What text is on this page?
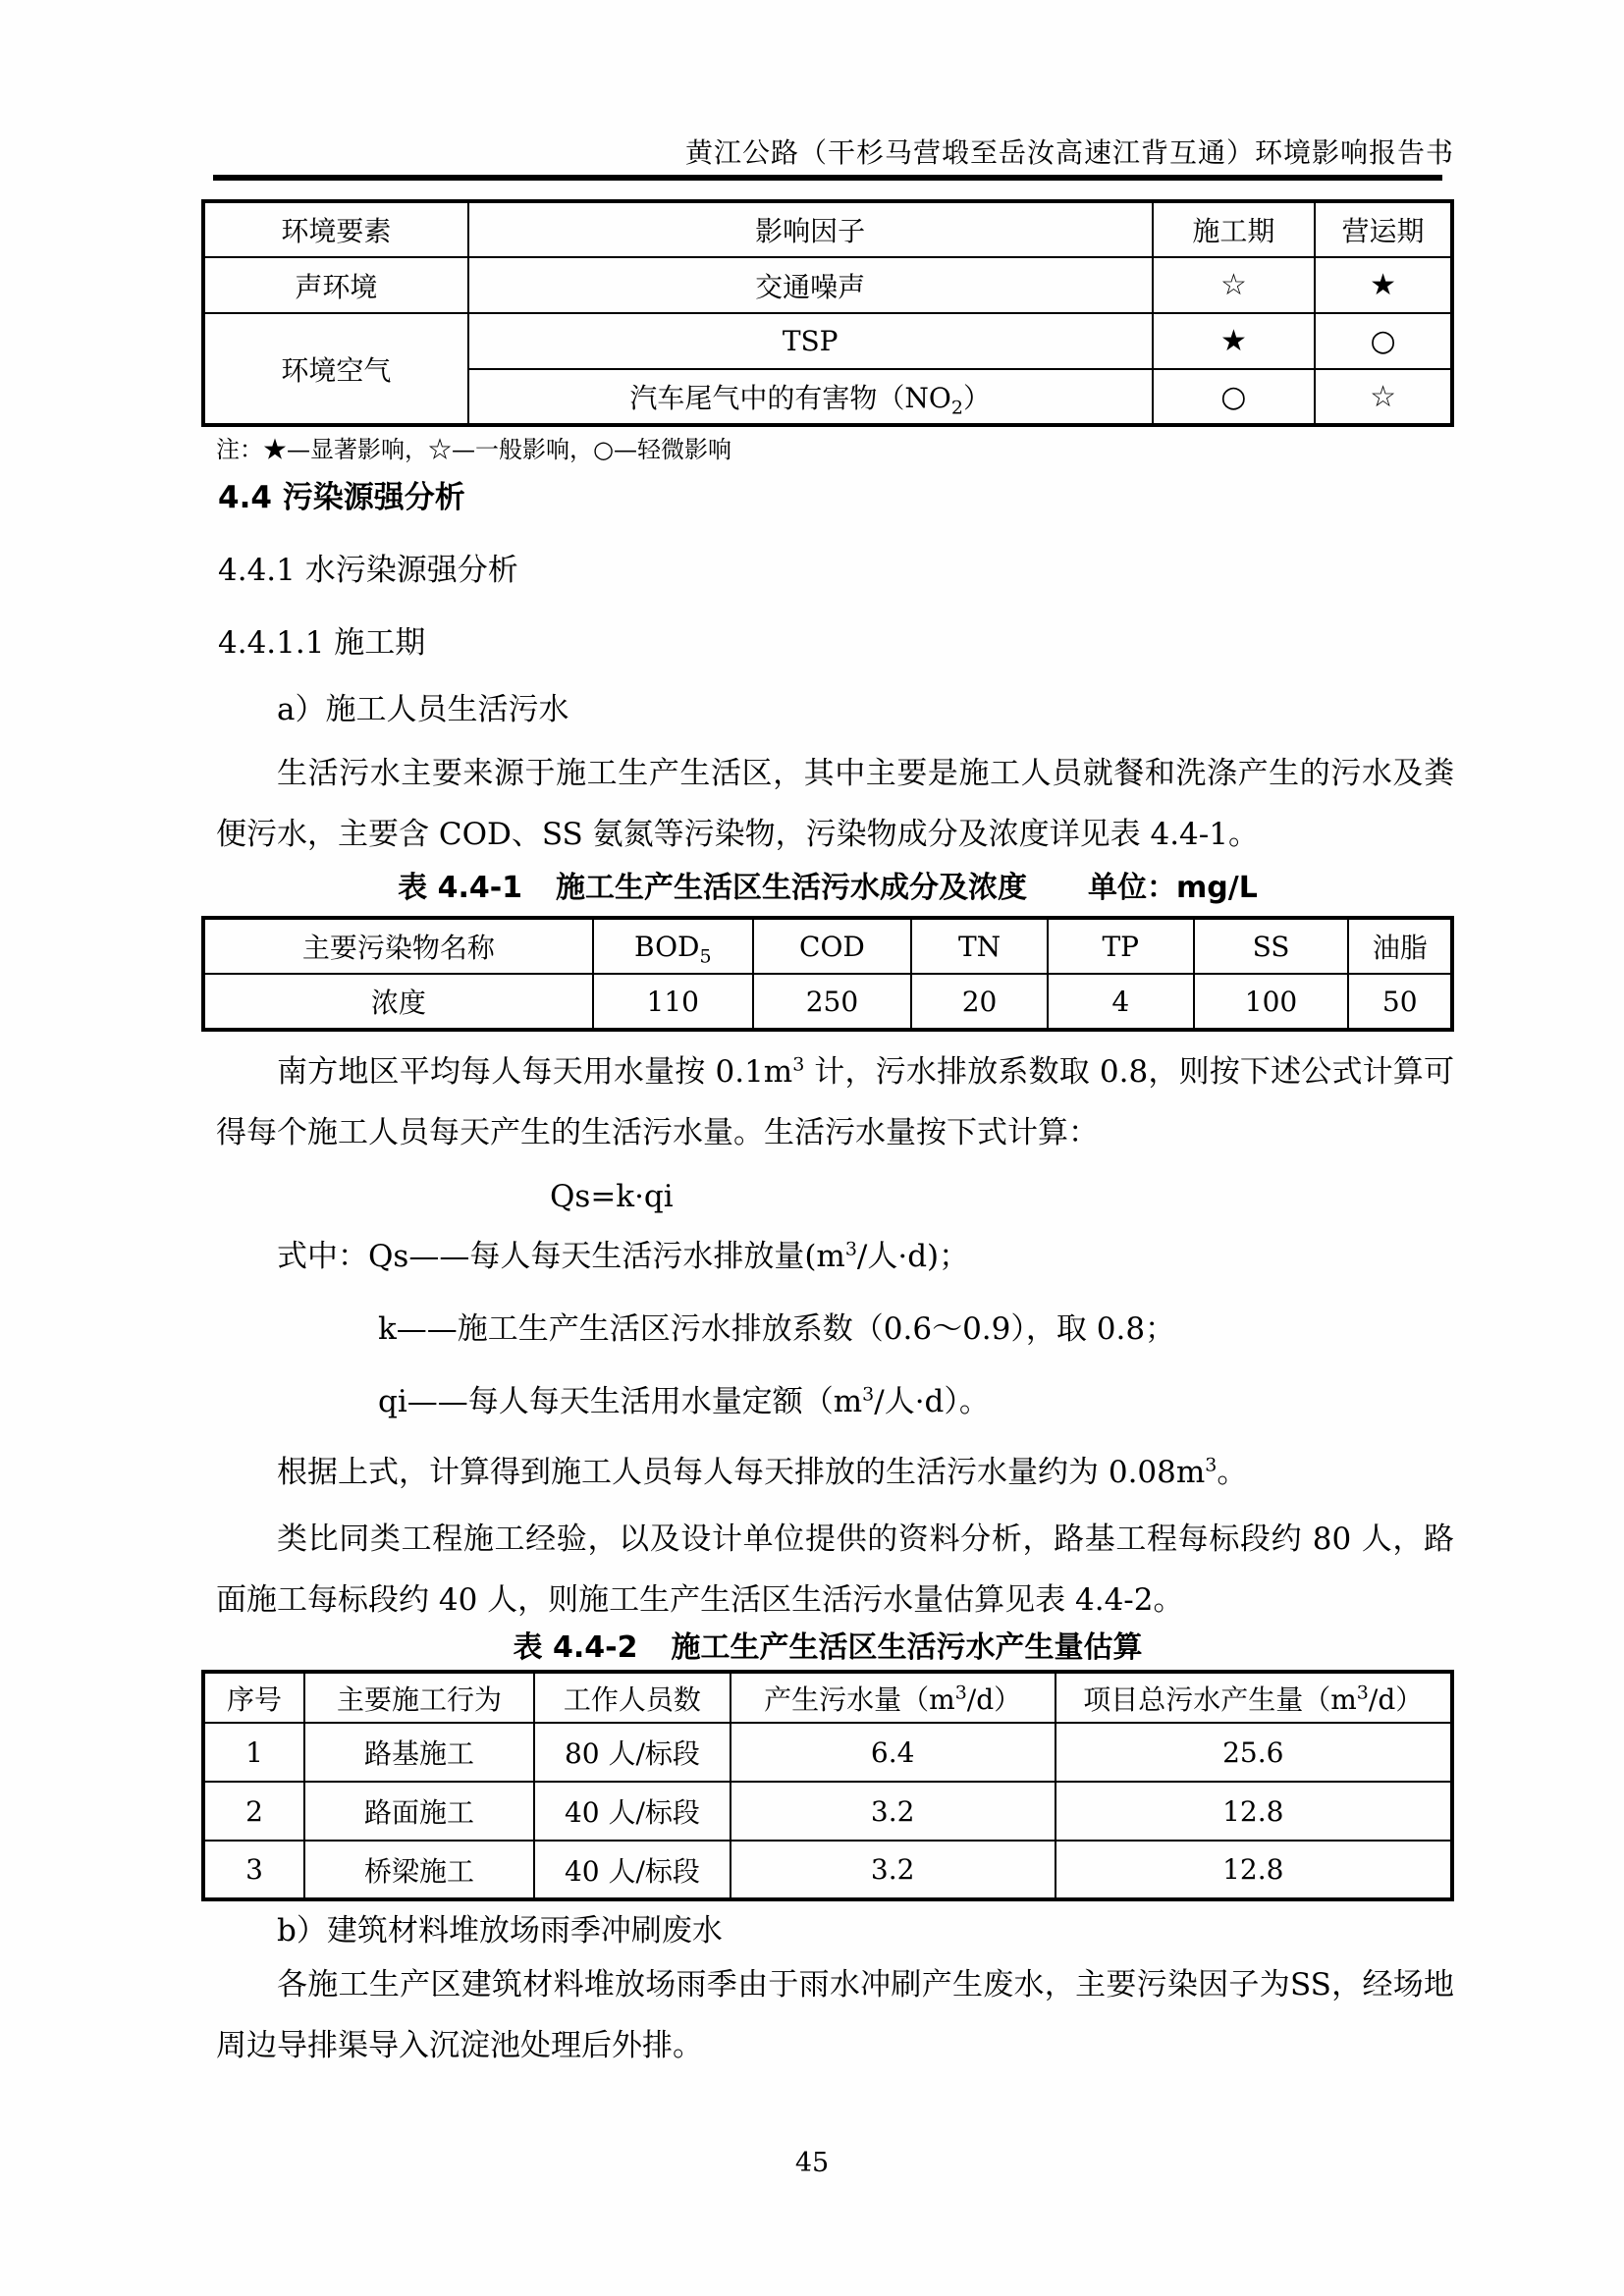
黄江公路（干杉马营塅至岳汝高速江背互通）环境影响报告书
环境要素	影响因子	施工期	营运期
声环境	交通噪声	☆	★
环境空气	TSP	★	○
	汽车尾气中的有害物$(NO_2)$	○	☆
注：★—显著影响，☆—一般影响，○—轻微影响
4.4 污染源强分析
4.4.1 水污染源强分析
4.4.1.1 施工期
a）施工人员生活污水
生活污水主要来源于施工生产生活区，其中主要是施工人员就餐和洗涤产生的污水及粪便污水，主要含 COD、SS 氨氮等污染物，污染物成分及浓度详见表 4.4-1。
表 4.4-1 施工生产生活区生活污水成分及浓度 单位：mg/L
主要污染物名称	$BOD_5$	COD	TN	TP	SS	油脂
浓度	110	250	20	4	100	50
南方地区平均每人每天用水量按 $0.1m^3$ 计，污水排放系数取 0.8，则按下述公式计算可得每个施工人员每天产生的生活污水量。生活污水量按下式计算：
Qs=k·qi
式中：Qs——每人每天生活污水排放量($m^3/$人·d)；
k——施工生产生活区污水排放系数（0.6～0.9），取 0.8；
qi——每人每天生活用水量定额（$m^3/$人·d）。
根据上式，计算得到施工人员每人每天排放的生活污水量约为 $0.08m^3$。
类比同类工程施工经验，以及设计单位提供的资料分析，路基工程每标段约 80 人，路面施工每标段约 40 人，则施工生产生活区生活污水量估算见表 4.4-2。
表 4.4-2 施工生产生活区生活污水产生量估算
序号	主要施工行为	工作人员数	产生污水量$(m^3/d)$	项目总污水产生量$(m^3/d)$
1	路基施工	80 人/标段	6.4	25.6
2	路面施工	40 人/标段	3.2	12.8
3	桥梁施工	40 人/标段	3.2	12.8
b）建筑材料堆放场雨季冲刷废水
各施工生产区建筑材料堆放场雨季由于雨水冲刷产生废水，主要污染因子为SS，经场地周边导排渠导入沉淀池处理后外排。
45
